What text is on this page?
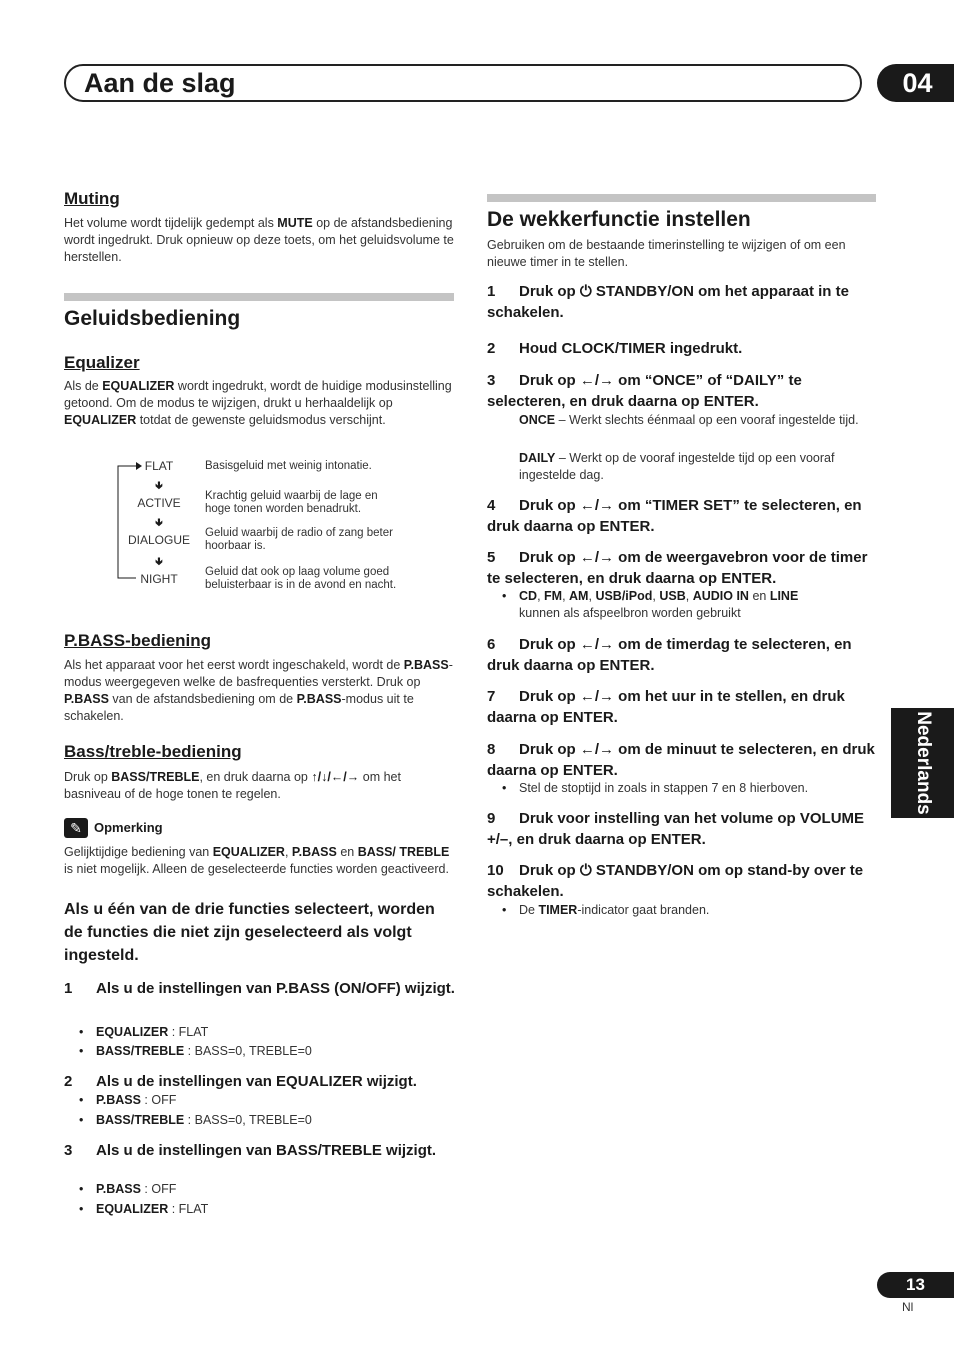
Aan de slag	04
Nederlands
13
Nl
Muting
Het volume wordt tijdelijk gedempt als MUTE op de afstandsbediening wordt ingedrukt. Druk opnieuw op deze toets, om het geluidsvolume te herstellen.
Geluidsbediening
Equalizer
Als de EQUALIZER wordt ingedrukt, wordt de huidige modusinstelling getoond. Om de modus te wijzigen, drukt u herhaaldelijk op EQUALIZER totdat de gewenste geluidsmodus verschijnt.
FLAT
🢃
ACTIVE
🢃
DIALOGUE
🢃
NIGHT
Basisgeluid met weinig intonatie.
Krachtig geluid waarbij de lage en hoge tonen worden benadrukt.
Geluid waarbij de radio of zang beter hoorbaar is.
Geluid dat ook op laag volume goed beluisterbaar is in de avond en nacht.
P.BASS-bediening
Als het apparaat voor het eerst wordt ingeschakeld, wordt de P.BASS-modus weergegeven welke de basfrequenties versterkt. Druk op P.BASS van de afstandsbediening om de P.BASS-modus uit te schakelen.
Bass/treble-bediening
Druk op BASS/TREBLE, en druk daarna op ↑/↓/←/→ om het basniveau of de hoge tonen te regelen.
✎ Opmerking
Gelijktijdige bediening van EQUALIZER, P.BASS en BASS/ TREBLE is niet mogelijk. Alleen de geselecteerde functies worden geactiveerd.
Als u één van de drie functies selecteert, worden de functies die niet zijn geselecteerd als volgt ingesteld.
1 Als u de instellingen van P.BASS (ON/OFF) wijzigt.
• EQUALIZER : FLAT
• BASS/TREBLE : BASS=0, TREBLE=0
2 Als u de instellingen van EQUALIZER wijzigt.
• P.BASS : OFF
• BASS/TREBLE : BASS=0, TREBLE=0
3 Als u de instellingen van BASS/TREBLE wijzigt.
• P.BASS : OFF
• EQUALIZER : FLAT
De wekkerfunctie instellen
Gebruiken om de bestaande timerinstelling te wijzigen of om een nieuwe timer in te stellen.
1 Druk op ⏻ STANDBY/ON om het apparaat in te schakelen.
2 Houd CLOCK/TIMER ingedrukt.
3 Druk op ←/→ om “ONCE” of “DAILY” te selecteren, en druk daarna op ENTER.
ONCE – Werkt slechts éénmaal op een vooraf ingestelde tijd.
DAILY – Werkt op de vooraf ingestelde tijd op een vooraf ingestelde dag.
4 Druk op ←/→ om “TIMER SET” te selecteren, en druk daarna op ENTER.
5 Druk op ←/→ om de weergavebron voor de timer te selecteren, en druk daarna op ENTER.
• CD, FM, AM, USB/iPod, USB, AUDIO IN en LINE
kunnen als afspeelbron worden gebruikt
6 Druk op ←/→ om de timerdag te selecteren, en druk daarna op ENTER.
7 Druk op ←/→ om het uur in te stellen, en druk daarna op ENTER.
8 Druk op ←/→ om de minuut te selecteren, en druk daarna op ENTER.
• Stel de stoptijd in zoals in stappen 7 en 8 hierboven.
9 Druk voor instelling van het volume op VOLUME +/–, en druk daarna op ENTER.
10 Druk op ⏻ STANDBY/ON om op stand-by over te schakelen.
• De TIMER-indicator gaat branden.
